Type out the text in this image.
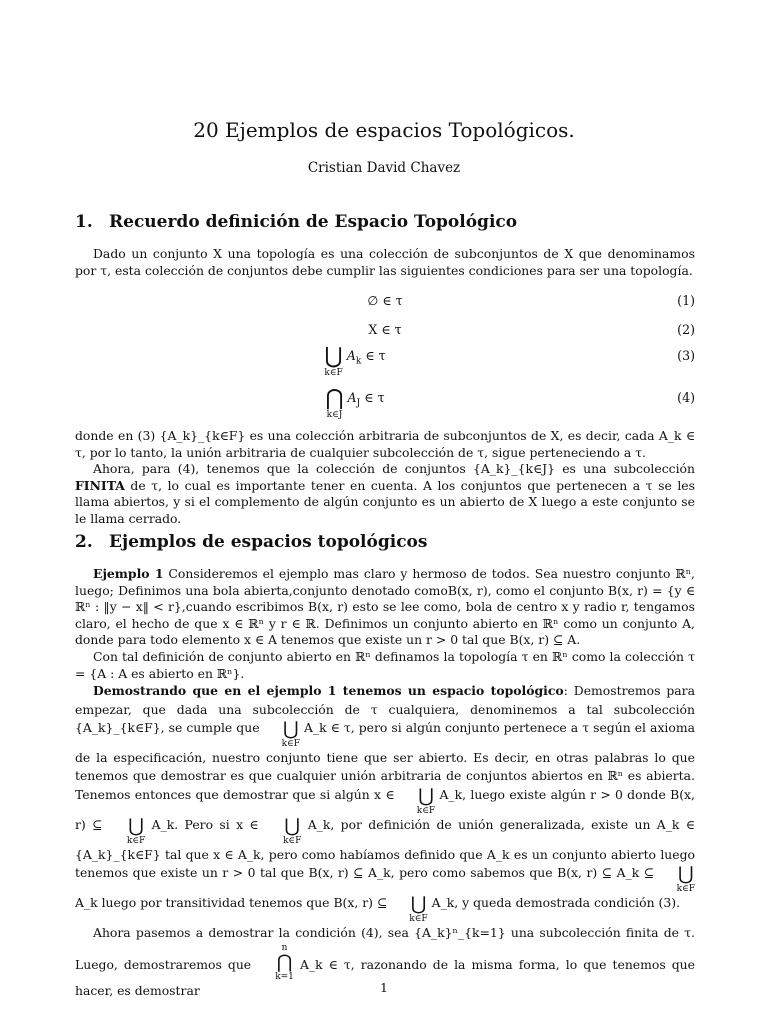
20 Ejemplos de espacios Topológicos.
Cristian David Chavez
1. Recuerdo definición de Espacio Topológico

Dado un conjunto X una topología es una colección de subconjuntos de X que denominamos por τ, esta colección de conjuntos debe cumplir las siguientes condiciones para ser una topología.

∅ ∈ τ	(1)
X ∈ τ	(2)
⋃
k∈F
$A_k$ ∈ τ	(3)
⋂
k∈J
$A_J$ ∈ τ	(4)

donde en (3) {A_k}_{k∈F} es una colección arbitraria de subconjuntos de X, es decir, cada A_k ∈ τ, por lo tanto, la unión arbitraria de cualquier subcolección de τ, sigue perteneciendo a τ.

Ahora, para (4), tenemos que la colección de conjuntos {A_k}_{k∈J} es una subcolección FINITA de τ, lo cual es importante tener en cuenta. A los conjuntos que pertenecen a τ se les llama abiertos, y si el complemento de algún conjunto es un abierto de X luego a este conjunto se le llama cerrado.

2. Ejemplos de espacios topológicos

Ejemplo 1 Consideremos el ejemplo mas claro y hermoso de todos. Sea nuestro conjunto ℝⁿ, luego; Definimos una bola abierta,conjunto denotado comoB(x, r), como el conjunto B(x, r) = {y ∈ ℝⁿ : ‖y − x‖ < r},cuando escribimos B(x, r) esto se lee como, bola de centro x y radio r, tengamos claro, el hecho de que x ∈ ℝⁿ y r ∈ ℝ. Definimos un conjunto abierto en ℝⁿ como un conjunto A, donde para todo elemento x ∈ A tenemos que existe un r > 0 tal que B(x, r) ⊆ A.

Con tal definición de conjunto abierto en ℝⁿ definamos la topología τ en ℝⁿ como la colección τ = {A : A es abierto en ℝⁿ}.

Demostrando que en el ejemplo 1 tenemos un espacio topológico: Demostremos para empezar, que dada una subcolección de τ cualquiera, denominemos a tal subcolección {A_k}_{k∈F}, se cumple que	⋃
k∈F
A_k ∈ τ, pero si algún conjunto pertenece a τ según el axioma de la especificación, nuestro conjunto tiene que ser abierto. Es decir, en otras palabras lo que tenemos que demostrar es que cualquier unión arbitraria de conjuntos abiertos en ℝⁿ es abierta. Tenemos entonces que demostrar que si algún x ∈	⋃
k∈F
A_k, luego existe algún r > 0 donde B(x, r) ⊆	⋃
k∈F
A_k. Pero si x ∈	⋃
k∈F
A_k, por definición de unión generalizada, existe un A_k ∈ {A_k}_{k∈F} tal que x ∈ A_k, pero como habíamos definido que A_k es un conjunto abierto luego tenemos que existe un r > 0 tal que B(x, r) ⊆ A_k, pero como sabemos que B(x, r) ⊆ A_k ⊆	⋃
k∈F
A_k luego por transitividad tenemos que B(x, r) ⊆	⋃
k∈F
A_k, y queda demostrada condición (3).

Ahora pasemos a demostrar la condición (4), sea {A_k}ⁿ_{k=1} una subcolección finita de τ. Luego, demostraremos que
n
⋂
k=1
A_k ∈ τ, razonando de la misma forma, lo que tenemos que hacer, es demostrar	1
